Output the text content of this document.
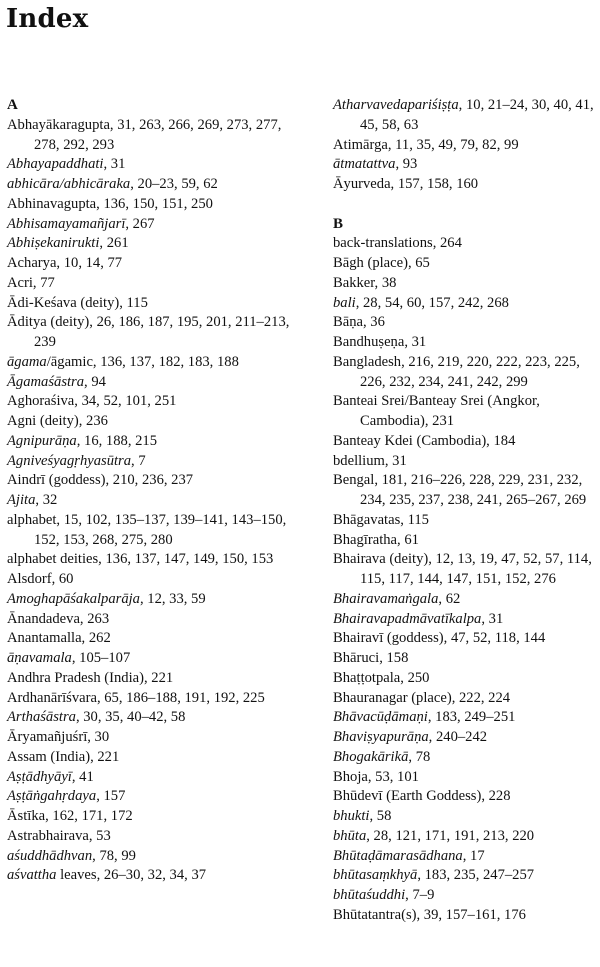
Index
A
Abhayākaragupta, 31, 263, 266, 269, 273, 277, 278, 292, 293
Abhayapaddhati, 31
abhicāra/abhicāraka, 20–23, 59, 62
Abhinavagupta, 136, 150, 151, 250
Abhisamayamañjarī, 267
Abhiṣekanirukti, 261
Acharya, 10, 14, 77
Acri, 77
Ādi-Keśava (deity), 115
Āditya (deity), 26, 186, 187, 195, 201, 211–213, 239
āgama/āgamic, 136, 137, 182, 183, 188
Āgamaśāstra, 94
Aghoraśiva, 34, 52, 101, 251
Agni (deity), 236
Agnipurāṇa, 16, 188, 215
Agniveśyagṛhyasūtra, 7
Aindrī (goddess), 210, 236, 237
Ajita, 32
alphabet, 15, 102, 135–137, 139–141, 143–150, 152, 153, 268, 275, 280
alphabet deities, 136, 137, 147, 149, 150, 153
Alsdorf, 60
Amoghapāśakalparāja, 12, 33, 59
Ānandadeva, 263
Anantamalla, 262
āṇavamala, 105–107
Andhra Pradesh (India), 221
Ardhanārīśvara, 65, 186–188, 191, 192, 225
Arthaśāstra, 30, 35, 40–42, 58
Āryamañjuśrī, 30
Assam (India), 221
Aṣṭādhyāyī, 41
Aṣṭāṅgahṛdaya, 157
Āstīka, 162, 171, 172
Astrabhairava, 53
aśuddhādhvan, 78, 99
aśvattha leaves, 26–30, 32, 34, 37
Atharvavedapariśiṣṭa, 10, 21–24, 30, 40, 41, 45, 58, 63
Atimārga, 11, 35, 49, 79, 82, 99
ātmatattva, 93
Āyurveda, 157, 158, 160
B
back-translations, 264
Bāgh (place), 65
Bakker, 38
bali, 28, 54, 60, 157, 242, 268
Bāṇa, 36
Bandhuṣeṇa, 31
Bangladesh, 216, 219, 220, 222, 223, 225, 226, 232, 234, 241, 242, 299
Banteai Srei/Banteay Srei (Angkor, Cambodia), 231
Banteay Kdei (Cambodia), 184
bdellium, 31
Bengal, 181, 216–226, 228, 229, 231, 232, 234, 235, 237, 238, 241, 265–267, 269
Bhāgavatas, 115
Bhagīratha, 61
Bhairava (deity), 12, 13, 19, 47, 52, 57, 114, 115, 117, 144, 147, 151, 152, 276
Bhairavamaṅgala, 62
Bhairavapadmāvatīkalpa, 31
Bhairavī (goddess), 47, 52, 118, 144
Bhāruci, 158
Bhaṭṭotpala, 250
Bhauranagar (place), 222, 224
Bhāvacūḍāmaṇi, 183, 249–251
Bhaviṣyapurāṇa, 240–242
Bhogakārikā, 78
Bhoja, 53, 101
Bhūdevī (Earth Goddess), 228
bhukti, 58
bhūta, 28, 121, 171, 191, 213, 220
Bhūtaḍāmarasādhana, 17
bhūtasaṃkhyā, 183, 235, 247–257
bhūtaśuddhi, 7–9
Bhūtatantra(s), 39, 157–161, 176
